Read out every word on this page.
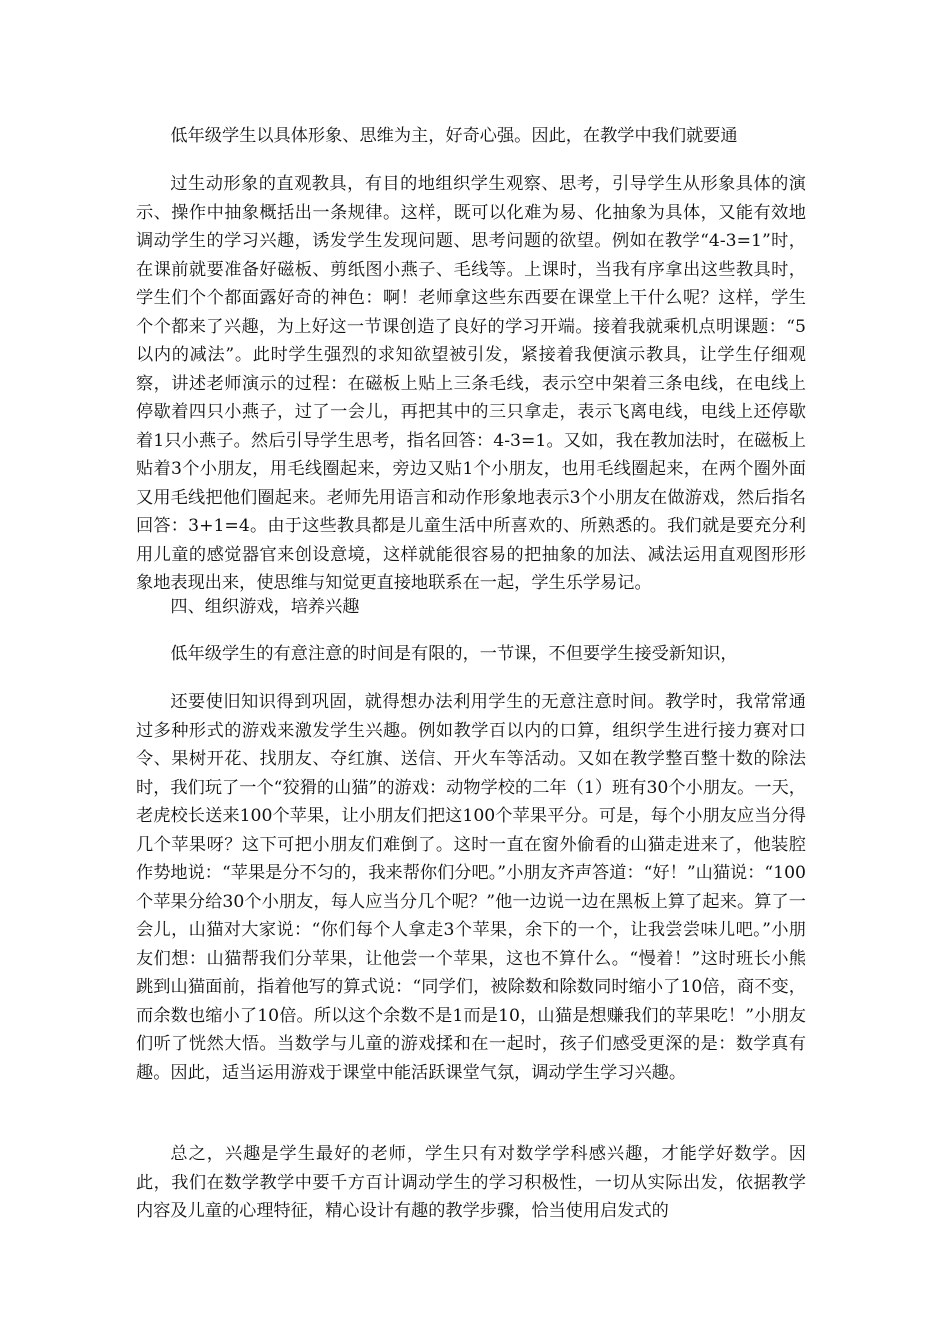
低年级学生以具体形象、思维为主，好奇心强。因此，在教学中我们就要通

过生动形象的直观教具，有目的地组织学生观察、思考，引导学生从形象具体的演示、操作中抽象概括出一条规律。这样，既可以化难为易、化抽象为具体，又能有效地调动学生的学习兴趣，诱发学生发现问题、思考问题的欲望。例如在教学“4-3=1”时，在课前就要准备好磁板、剪纸图小燕子、毛线等。上课时，当我有序拿出这些教具时，学生们个个都面露好奇的神色：啊！老师拿这些东西要在课堂上干什么呢？这样，学生个个都来了兴趣，为上好这一节课创造了良好的学习开端。接着我就乘机点明课题：“5以内的减法”。此时学生强烈的求知欲望被引发，紧接着我便演示教具，让学生仔细观察，讲述老师演示的过程：在磁板上贴上三条毛线，表示空中架着三条电线，在电线上停歇着四只小燕子，过了一会儿，再把其中的三只拿走，表示飞离电线，电线上还停歇着1只小燕子。然后引导学生思考，指名回答：4-3=1。又如，我在教加法时，在磁板上贴着3个小朋友，用毛线圈起来，旁边又贴1个小朋友，也用毛线圈起来，在两个圈外面又用毛线把他们圈起来。老师先用语言和动作形象地表示3个小朋友在做游戏，然后指名回答：3+1=4。由于这些教具都是儿童生活中所喜欢的、所熟悉的。我们就是要充分利用儿童的感觉器官来创设意境，这样就能很容易的把抽象的加法、减法运用直观图形形象地表现出来，使思维与知觉更直接地联系在一起，学生乐学易记。

四、组织游戏，培养兴趣

低年级学生的有意注意的时间是有限的，一节课，不但要学生接受新知识，

还要使旧知识得到巩固，就得想办法利用学生的无意注意时间。教学时，我常常通过多种形式的游戏来激发学生兴趣。例如教学百以内的口算，组织学生进行接力赛对口令、果树开花、找朋友、夺红旗、送信、开火车等活动。又如在教学整百整十数的除法时，我们玩了一个“狡猾的山猫”的游戏：动物学校的二年（1）班有30个小朋友。一天，老虎校长送来100个苹果，让小朋友们把这100个苹果平分。可是，每个小朋友应当分得几个苹果呀？这下可把小朋友们难倒了。这时一直在窗外偷看的山猫走进来了，他装腔作势地说：“苹果是分不匀的，我来帮你们分吧。”小朋友齐声答道：“好！”山猫说：“100个苹果分给30个小朋友，每人应当分几个呢？”他一边说一边在黑板上算了起来。算了一会儿，山猫对大家说：“你们每个人拿走3个苹果，余下的一个，让我尝尝味儿吧。”小朋友们想：山猫帮我们分苹果，让他尝一个苹果，这也不算什么。“慢着！”这时班长小熊跳到山猫面前，指着他写的算式说：“同学们，被除数和除数同时缩小了10倍，商不变，而余数也缩小了10倍。所以这个余数不是1而是10，山猫是想赚我们的苹果吃！”小朋友们听了恍然大悟。当数学与儿童的游戏揉和在一起时，孩子们感受更深的是：数学真有趣。因此，适当运用游戏于课堂中能活跃课堂气氛，调动学生学习兴趣。

总之，兴趣是学生最好的老师，学生只有对数学学科感兴趣，才能学好数学。因此，我们在数学教学中要千方百计调动学生的学习积极性，一切从实际出发，依据教学内容及儿童的心理特征，精心设计有趣的教学步骤，恰当使用启发式的
